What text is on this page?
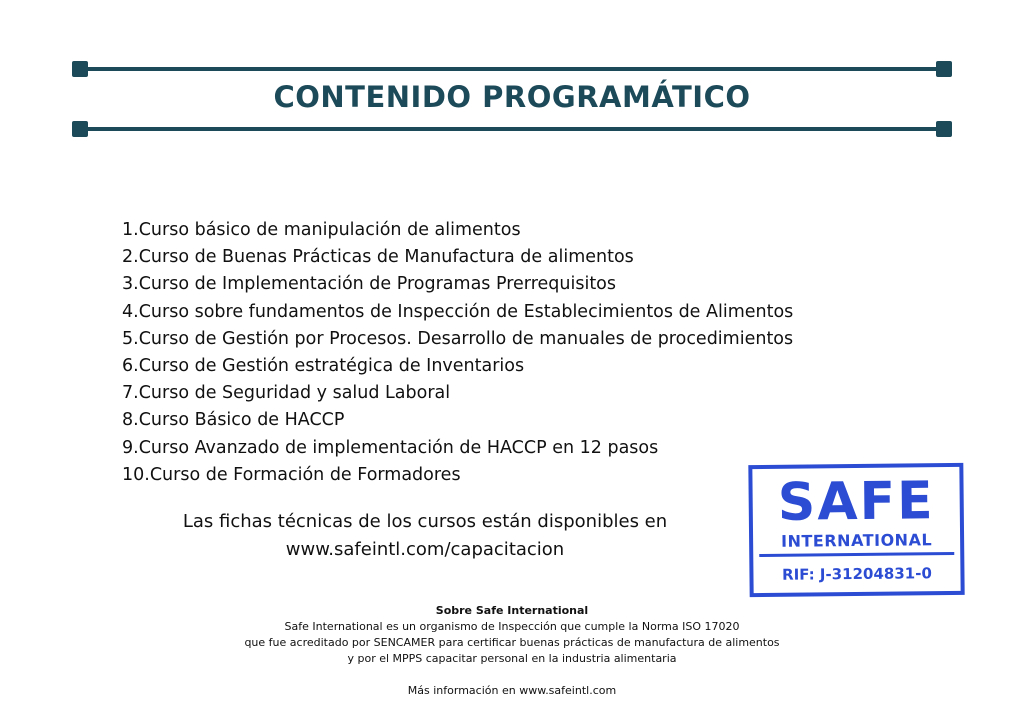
CONTENIDO PROGRAMÁTICO
1.Curso básico de manipulación de alimentos
2.Curso de Buenas Prácticas de Manufactura de alimentos
3.Curso de Implementación de Programas Prerrequisitos
4.Curso sobre fundamentos de Inspección de Establecimientos de Alimentos
5.Curso de Gestión por Procesos. Desarrollo de manuales de procedimientos
6.Curso de Gestión estratégica de Inventarios
7.Curso de Seguridad y salud Laboral
8.Curso Básico de HACCP
9.Curso Avanzado de implementación de HACCP en 12 pasos
10.Curso de Formación de Formadores
Las fichas técnicas de los cursos están disponibles en
www.safeintl.com/capacitacion
SAFE
INTERNATIONAL
RIF: J-31204831-0
Sobre Safe International
Safe International es un organismo de Inspección que cumple la Norma ISO 17020
que fue acreditado por SENCAMER para certificar buenas prácticas de manufactura de alimentos
y por el MPPS capacitar personal en la industria alimentaria
Más información en www.safeintl.com
